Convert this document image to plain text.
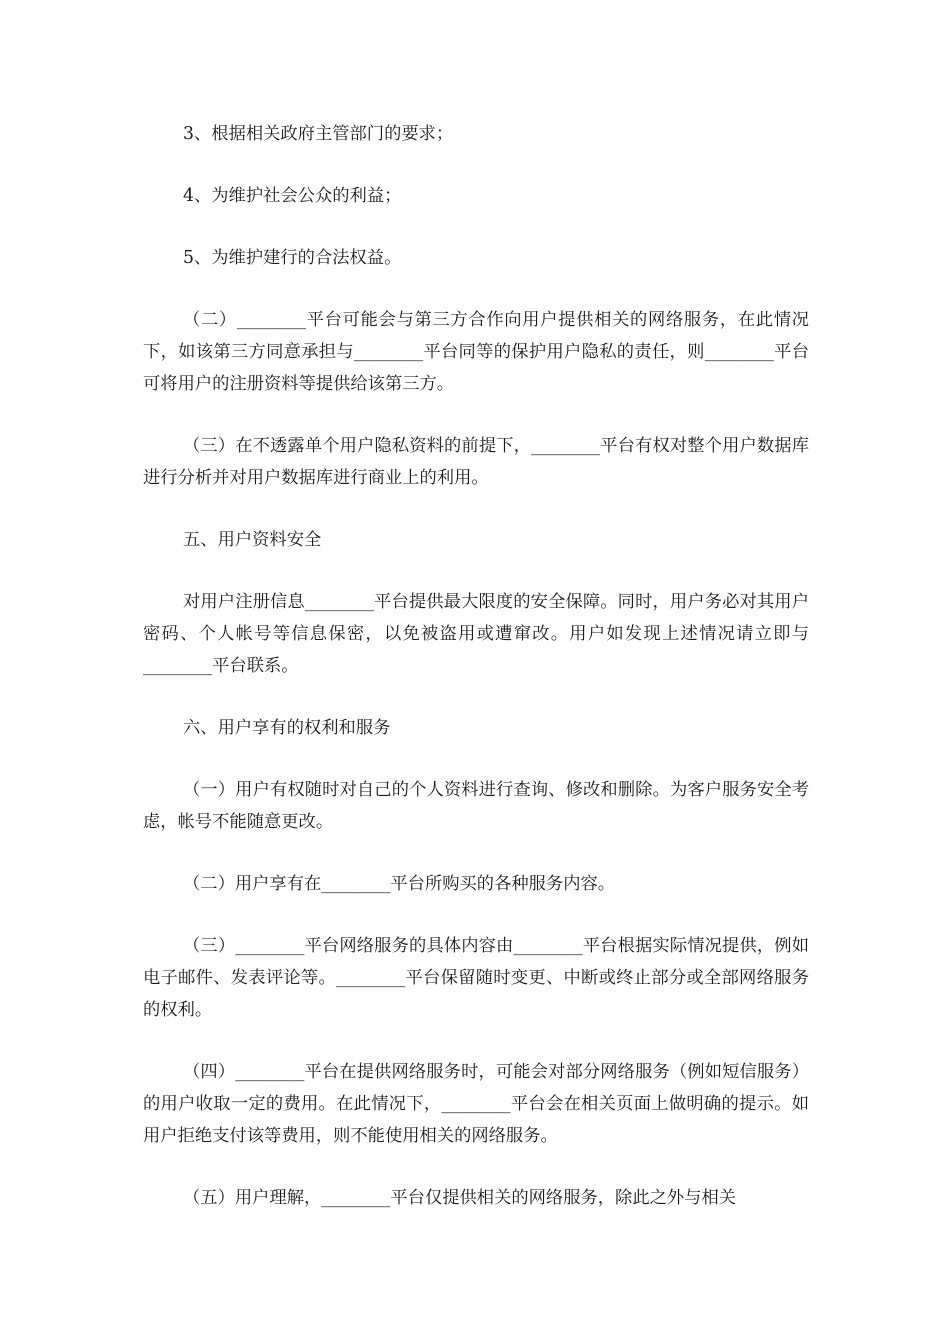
3、根据相关政府主管部门的要求；

4、为维护社会公众的利益；

5、为维护建行的合法权益。

（二）________平台可能会与第三方合作向用户提供相关的网络服务，在此情况下，如该第三方同意承担与________平台同等的保护用户隐私的责任，则________平台可将用户的注册资料等提供给该第三方。

（三）在不透露单个用户隐私资料的前提下，________平台有权对整个用户数据库进行分析并对用户数据库进行商业上的利用。

五、用户资料安全

对用户注册信息________平台提供最大限度的安全保障。同时，用户务必对其用户密码、个人帐号等信息保密，以免被盗用或遭窜改。用户如发现上述情况请立即与________平台联系。

六、用户享有的权利和服务

（一）用户有权随时对自己的个人资料进行查询、修改和删除。为客户服务安全考虑，帐号不能随意更改。

（二）用户享有在________平台所购买的各种服务内容。

（三）________平台网络服务的具体内容由________平台根据实际情况提供，例如电子邮件、发表评论等。________平台保留随时变更、中断或终止部分或全部网络服务的权利。

（四）________平台在提供网络服务时，可能会对部分网络服务（例如短信服务）的用户收取一定的费用。在此情况下，________平台会在相关页面上做明确的提示。如用户拒绝支付该等费用，则不能使用相关的网络服务。

（五）用户理解，________平台仅提供相关的网络服务，除此之外与相关
